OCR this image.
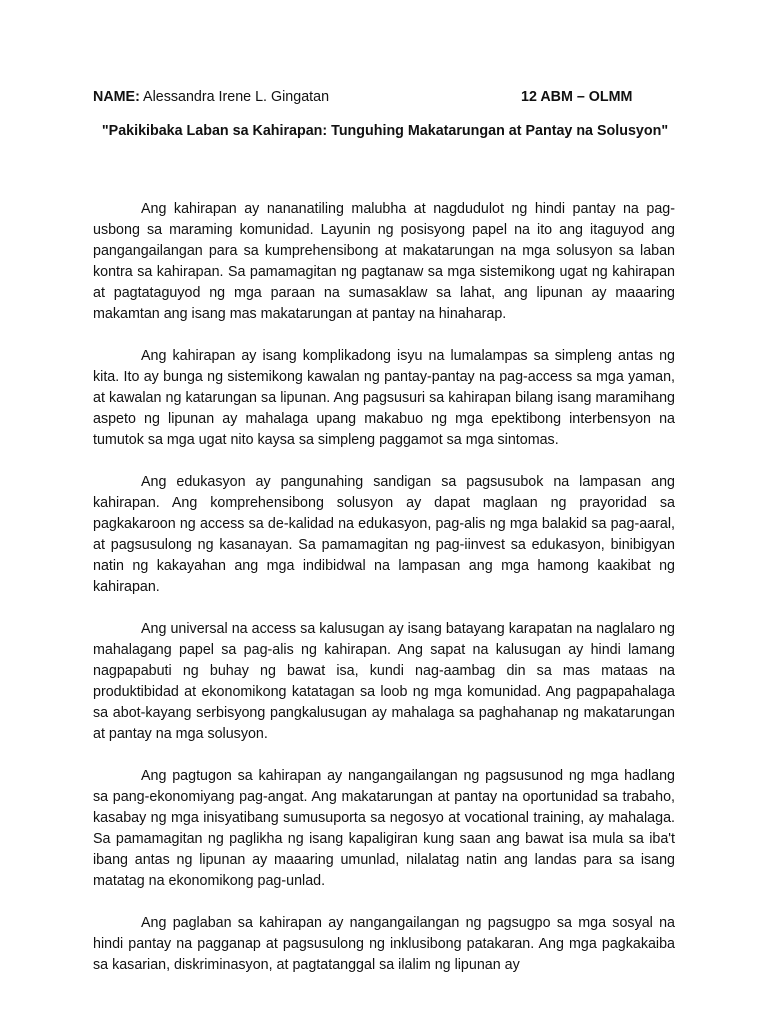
NAME: Alessandra Irene L. Gingatan	12 ABM – OLMM
"Pakikibaka Laban sa Kahirapan: Tunguhing Makatarungan at Pantay na Solusyon"

Ang kahirapan ay nananatiling malubha at nagdudulot ng hindi pantay na pag-usbong sa maraming komunidad. Layunin ng posisyong papel na ito ang itaguyod ang pangangailangan para sa kumprehensibong at makatarungan na mga solusyon sa laban kontra sa kahirapan. Sa pamamagitan ng pagtanaw sa mga sistemikong ugat ng kahirapan at pagtataguyod ng mga paraan na sumasaklaw sa lahat, ang lipunan ay maaaring makamtan ang isang mas makatarungan at pantay na hinaharap.

Ang kahirapan ay isang komplikadong isyu na lumalampas sa simpleng antas ng kita. Ito ay bunga ng sistemikong kawalan ng pantay-pantay na pag-access sa mga yaman, at kawalan ng katarungan sa lipunan. Ang pagsusuri sa kahirapan bilang isang maramihang aspeto ng lipunan ay mahalaga upang makabuo ng mga epektibong interbensyon na tumutok sa mga ugat nito kaysa sa simpleng paggamot sa mga sintomas.

Ang edukasyon ay pangunahing sandigan sa pagsusubok na lampasan ang kahirapan. Ang komprehensibong solusyon ay dapat maglaan ng prayoridad sa pagkakaroon ng access sa de-kalidad na edukasyon, pag-alis ng mga balakid sa pag-aaral, at pagsusulong ng kasanayan. Sa pamamagitan ng pag-iinvest sa edukasyon, binibigyan natin ng kakayahan ang mga indibidwal na lampasan ang mga hamong kaakibat ng kahirapan.

Ang universal na access sa kalusugan ay isang batayang karapatan na naglalaro ng mahalagang papel sa pag-alis ng kahirapan. Ang sapat na kalusugan ay hindi lamang nagpapabuti ng buhay ng bawat isa, kundi nag-aambag din sa mas mataas na produktibidad at ekonomikong katatagan sa loob ng mga komunidad. Ang pagpapahalaga sa abot-kayang serbisyong pangkalusugan ay mahalaga sa paghahanap ng makatarungan at pantay na mga solusyon.

Ang pagtugon sa kahirapan ay nangangailangan ng pagsusunod ng mga hadlang sa pang-ekonomiyang pag-angat. Ang makatarungan at pantay na oportunidad sa trabaho, kasabay ng mga inisyatibang sumusuporta sa negosyo at vocational training, ay mahalaga. Sa pamamagitan ng paglikha ng isang kapaligiran kung saan ang bawat isa mula sa iba't ibang antas ng lipunan ay maaaring umunlad, nilalatag natin ang landas para sa isang matatag na ekonomikong pag-unlad.

Ang paglaban sa kahirapan ay nangangailangan ng pagsugpo sa mga sosyal na hindi pantay na pagganap at pagsusulong ng inklusibong patakaran. Ang mga pagkakaiba sa kasarian, diskriminasyon, at pagtatanggal sa ilalim ng lipunan ay
